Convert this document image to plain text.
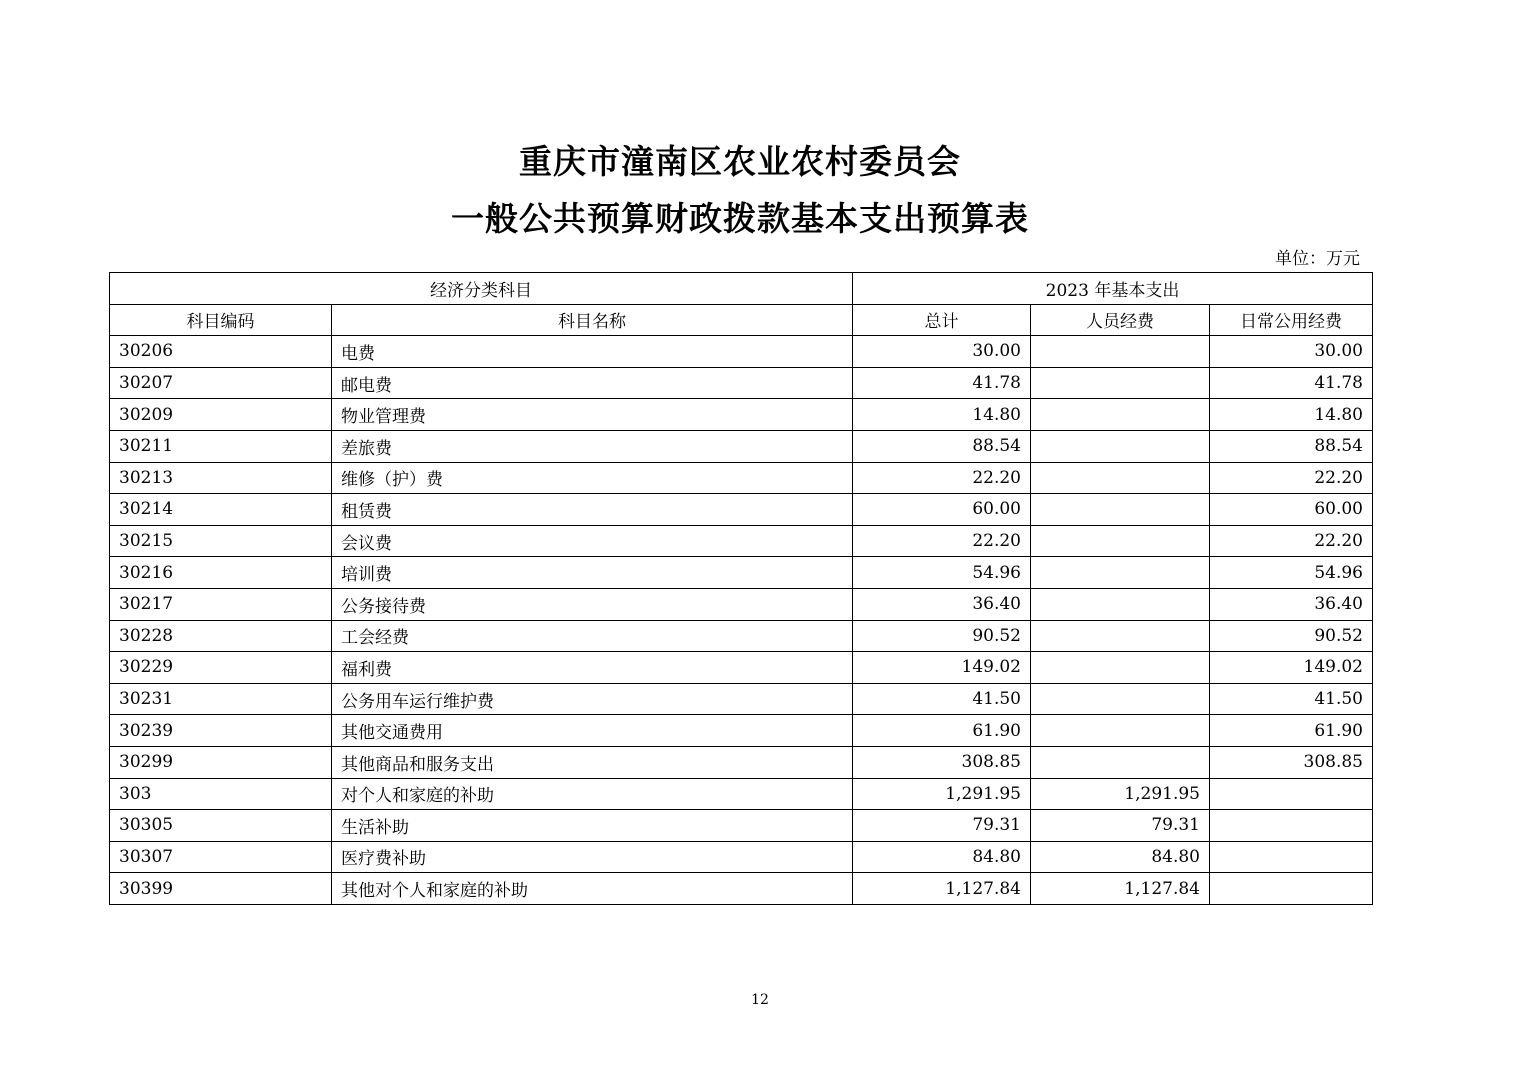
重庆市潼南区农业农村委员会
一般公共预算财政拨款基本支出预算表
单位：万元
经济分类科目		2023 年基本支出		
科目编码	科目名称	总计	人员经费	日常公用经费
30206	电费	30.00		30.00
30207	邮电费	41.78		41.78
30209	物业管理费	14.80		14.80
30211	差旅费	88.54		88.54
30213	维修（护）费	22.20		22.20
30214	租赁费	60.00		60.00
30215	会议费	22.20		22.20
30216	培训费	54.96		54.96
30217	公务接待费	36.40		36.40
30228	工会经费	90.52		90.52
30229	福利费	149.02		149.02
30231	公务用车运行维护费	41.50		41.50
30239	其他交通费用	61.90		61.90
30299	其他商品和服务支出	308.85		308.85
303	对个人和家庭的补助	1,291.95	1,291.95	
30305	生活补助	79.31	79.31	
30307	医疗费补助	84.80	84.80	
30399	其他对个人和家庭的补助	1,127.84	1,127.84	
12
